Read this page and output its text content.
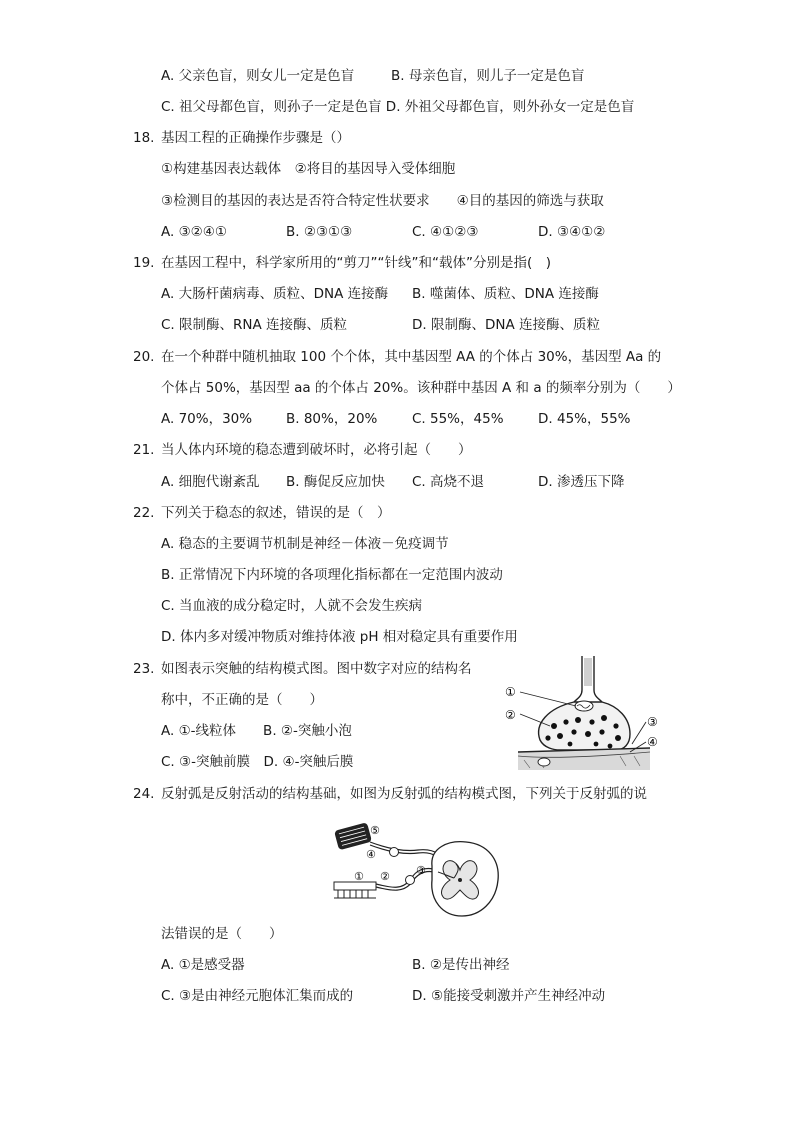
A. 父亲色盲，则女儿一定是色盲	B. 母亲色盲，则儿子一定是色盲
C. 祖父母都色盲，则孙子一定是色盲 D. 外祖父母都色盲，则外孙女一定是色盲
18. 基因工程的正确操作步骤是（）
①构建基因表达载体　②将目的基因导入受体细胞
③检测目的基因的表达是否符合特定性状要求　　④目的基因的筛选与获取
A. ③②④①	B. ②③①③	C. ④①②③	D. ③④①②
19. 在基因工程中，科学家所用的“剪刀”“针线”和“载体”分别是指(　)
A. 大肠杆菌病毒、质粒、DNA 连接酶 B. 噬菌体、质粒、DNA 连接酶
C. 限制酶、RNA 连接酶、质粒	D. 限制酶、DNA 连接酶、质粒
20. 在一个种群中随机抽取 100 个个体，其中基因型 AA 的个体占 30%，基因型 Aa 的
个体占 50%，基因型 aa 的个体占 20%。该种群中基因 A 和 a 的频率分别为（　　）
A. 70%，30%	B. 80%，20%	C. 55%，45%	D. 45%，55%
21. 当人体内环境的稳态遭到破坏时，必将引起（　　）
A. 细胞代谢紊乱 B. 酶促反应加快 C. 高烧不退	D. 渗透压下降
22. 下列关于稳态的叙述，错误的是（　）
A. 稳态的主要调节机制是神经－体液－免疫调节
B. 正常情况下内环境的各项理化指标都在一定范围内波动
C. 当血液的成分稳定时，人就不会发生疾病
D. 体内多对缓冲物质对维持体液 pH 相对稳定具有重要作用
23. 如图表示突触的结构模式图。图中数字对应的结构名
称中，不正确的是（　　）
A. ①-线粒体　　B. ②-突触小泡
C. ③-突触前膜　D. ④-突触后膜
①
②	③
④
24. 反射弧是反射活动的结构基础，如图为反射弧的结构模式图，下列关于反射弧的说
⑤
④
③
① ②
法错误的是（　　）
A. ①是感受器	B. ②是传出神经
C. ③是由神经元胞体汇集而成的	D. ⑤能接受刺激并产生神经冲动
